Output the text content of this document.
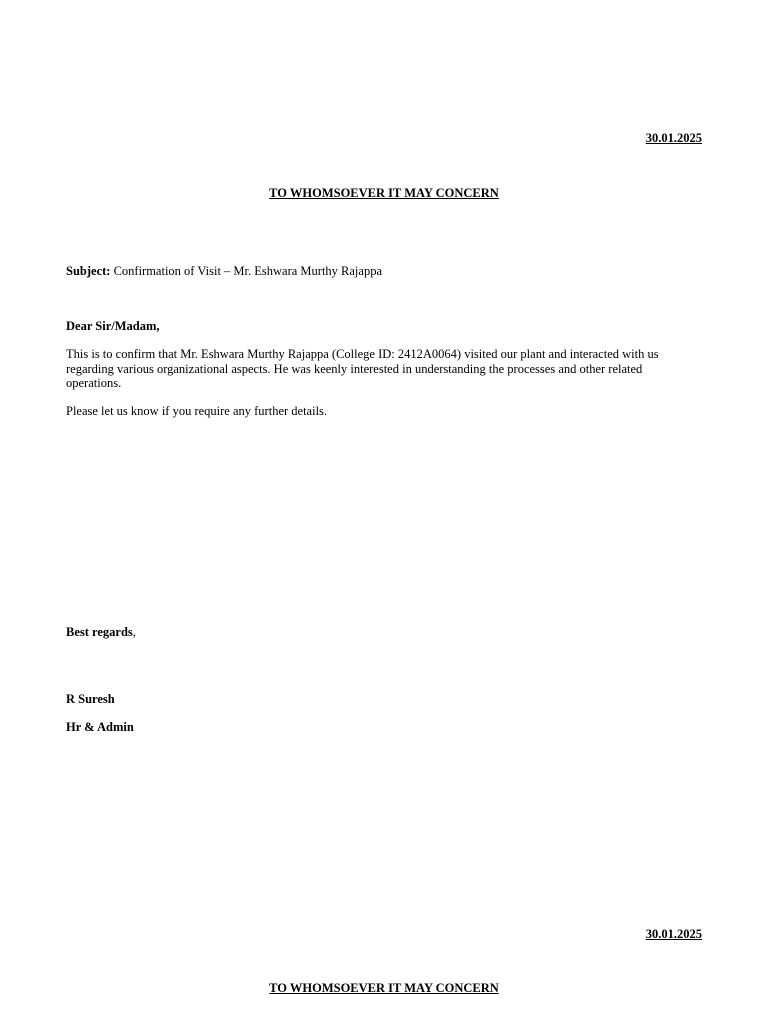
30.01.2025
TO WHOMSOEVER IT MAY CONCERN
Subject: Confirmation of Visit – Mr. Eshwara Murthy Rajappa
Dear Sir/Madam,
This is to confirm that Mr. Eshwara Murthy Rajappa (College ID: 2412A0064) visited our plant and interacted with us regarding various organizational aspects. He was keenly interested in understanding the processes and other related operations.
Please let us know if you require any further details.
Best regards,
R Suresh
Hr & Admin
30.01.2025
TO WHOMSOEVER IT MAY CONCERN
